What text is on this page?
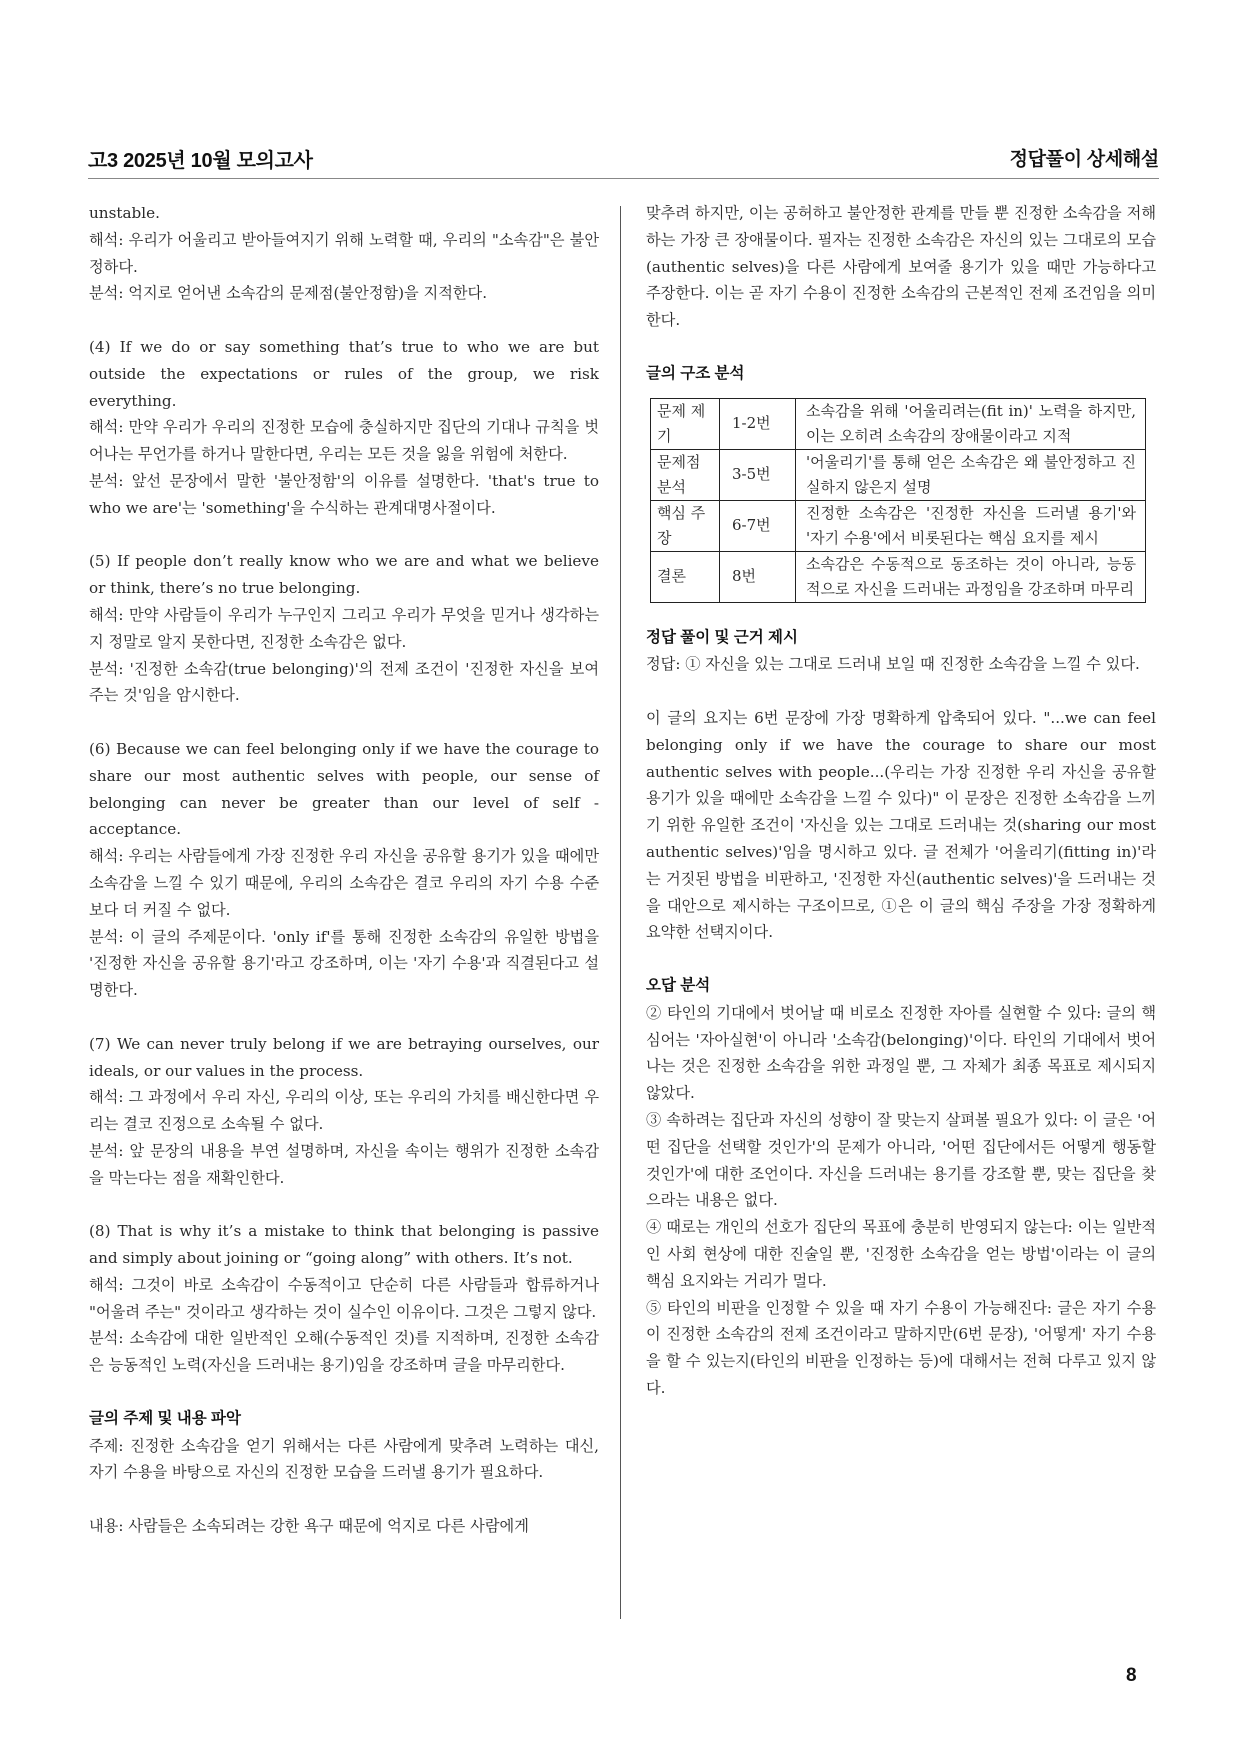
고3 2025년 10월 모의고사	정답풀이 상세해설

unstable.

해석: 우리가 어울리고 받아들여지기 위해 노력할 때, 우리의 "소속감"은 불안정하다.

분석: 억지로 얻어낸 소속감의 문제점(불안정함)을 지적한다.

(4) If we do or say something that’s true to who we are but outside the expectations or rules of the group, we risk everything.

해석: 만약 우리가 우리의 진정한 모습에 충실하지만 집단의 기대나 규칙을 벗어나는 무언가를 하거나 말한다면, 우리는 모든 것을 잃을 위험에 처한다.

분석: 앞선 문장에서 말한 '불안정함'의 이유를 설명한다. 'that's true to who we are'는 'something'을 수식하는 관계대명사절이다.

(5) If people don’t really know who we are and what we believe or think, there’s no true belonging.

해석: 만약 사람들이 우리가 누구인지 그리고 우리가 무엇을 믿거나 생각하는지 정말로 알지 못한다면, 진정한 소속감은 없다.

분석: '진정한 소속감(true belonging)'의 전제 조건이 '진정한 자신을 보여주는 것'임을 암시한다.

(6) Because we can feel belonging only if we have the courage to share our most authentic selves with people, our sense of belonging can never be greater than our level of self - acceptance.

해석: 우리는 사람들에게 가장 진정한 우리 자신을 공유할 용기가 있을 때에만 소속감을 느낄 수 있기 때문에, 우리의 소속감은 결코 우리의 자기 수용 수준보다 더 커질 수 없다.

분석: 이 글의 주제문이다. 'only if'를 통해 진정한 소속감의 유일한 방법을 '진정한 자신을 공유할 용기'라고 강조하며, 이는 '자기 수용'과 직결된다고 설명한다.

(7) We can never truly belong if we are betraying ourselves, our ideals, or our values in the process.

해석: 그 과정에서 우리 자신, 우리의 이상, 또는 우리의 가치를 배신한다면 우리는 결코 진정으로 소속될 수 없다.

분석: 앞 문장의 내용을 부연 설명하며, 자신을 속이는 행위가 진정한 소속감을 막는다는 점을 재확인한다.

(8) That is why it’s a mistake to think that belonging is passive and simply about joining or “going along” with others. It’s not.

해석: 그것이 바로 소속감이 수동적이고 단순히 다른 사람들과 합류하거나 "어울려 주는" 것이라고 생각하는 것이 실수인 이유이다. 그것은 그렇지 않다.

분석: 소속감에 대한 일반적인 오해(수동적인 것)를 지적하며, 진정한 소속감은 능동적인 노력(자신을 드러내는 용기)임을 강조하며 글을 마무리한다.

글의 주제 및 내용 파악

주제: 진정한 소속감을 얻기 위해서는 다른 사람에게 맞추려 노력하는 대신, 자기 수용을 바탕으로 자신의 진정한 모습을 드러낼 용기가 필요하다.

내용: 사람들은 소속되려는 강한 욕구 때문에 억지로 다른 사람에게

맞추려 하지만, 이는 공허하고 불안정한 관계를 만들 뿐 진정한 소속감을 저해하는 가장 큰 장애물이다. 필자는 진정한 소속감은 자신의 있는 그대로의 모습(authentic selves)을 다른 사람에게 보여줄 용기가 있을 때만 가능하다고 주장한다. 이는 곧 자기 수용이 진정한 소속감의 근본적인 전제 조건임을 의미한다.

글의 구조 분석

문제 제기	1-2번	소속감을 위해 '어울리려는(fit in)' 노력을 하지만, 이는 오히려 소속감의 장애물이라고 지적
문제점 분석	3-5번	'어울리기'를 통해 얻은 소속감은 왜 불안정하고 진실하지 않은지 설명
핵심 주장	6-7번	진정한 소속감은 '진정한 자신을 드러낼 용기'와 '자기 수용'에서 비롯된다는 핵심 요지를 제시
결론	8번	소속감은 수동적으로 동조하는 것이 아니라, 능동적으로 자신을 드러내는 과정임을 강조하며 마무리

정답 풀이 및 근거 제시

정답: ① 자신을 있는 그대로 드러내 보일 때 진정한 소속감을 느낄 수 있다.

이 글의 요지는 6번 문장에 가장 명확하게 압축되어 있다. "...we can feel belonging only if we have the courage to share our most authentic selves with people...(우리는 가장 진정한 우리 자신을 공유할 용기가 있을 때에만 소속감을 느낄 수 있다)" 이 문장은 진정한 소속감을 느끼기 위한 유일한 조건이 '자신을 있는 그대로 드러내는 것(sharing our most authentic selves)'임을 명시하고 있다. 글 전체가 '어울리기(fitting in)'라는 거짓된 방법을 비판하고, '진정한 자신(authentic selves)'을 드러내는 것을 대안으로 제시하는 구조이므로, ①은 이 글의 핵심 주장을 가장 정확하게 요약한 선택지이다.

오답 분석

② 타인의 기대에서 벗어날 때 비로소 진정한 자아를 실현할 수 있다: 글의 핵심어는 '자아실현'이 아니라 '소속감(belonging)'이다. 타인의 기대에서 벗어나는 것은 진정한 소속감을 위한 과정일 뿐, 그 자체가 최종 목표로 제시되지 않았다.

③ 속하려는 집단과 자신의 성향이 잘 맞는지 살펴볼 필요가 있다: 이 글은 '어떤 집단을 선택할 것인가'의 문제가 아니라, '어떤 집단에서든 어떻게 행동할 것인가'에 대한 조언이다. 자신을 드러내는 용기를 강조할 뿐, 맞는 집단을 찾으라는 내용은 없다.

④ 때로는 개인의 선호가 집단의 목표에 충분히 반영되지 않는다: 이는 일반적인 사회 현상에 대한 진술일 뿐, '진정한 소속감을 얻는 방법'이라는 이 글의 핵심 요지와는 거리가 멀다.

⑤ 타인의 비판을 인정할 수 있을 때 자기 수용이 가능해진다: 글은 자기 수용이 진정한 소속감의 전제 조건이라고 말하지만(6번 문장), '어떻게' 자기 수용을 할 수 있는지(타인의 비판을 인정하는 등)에 대해서는 전혀 다루고 있지 않다.

8
